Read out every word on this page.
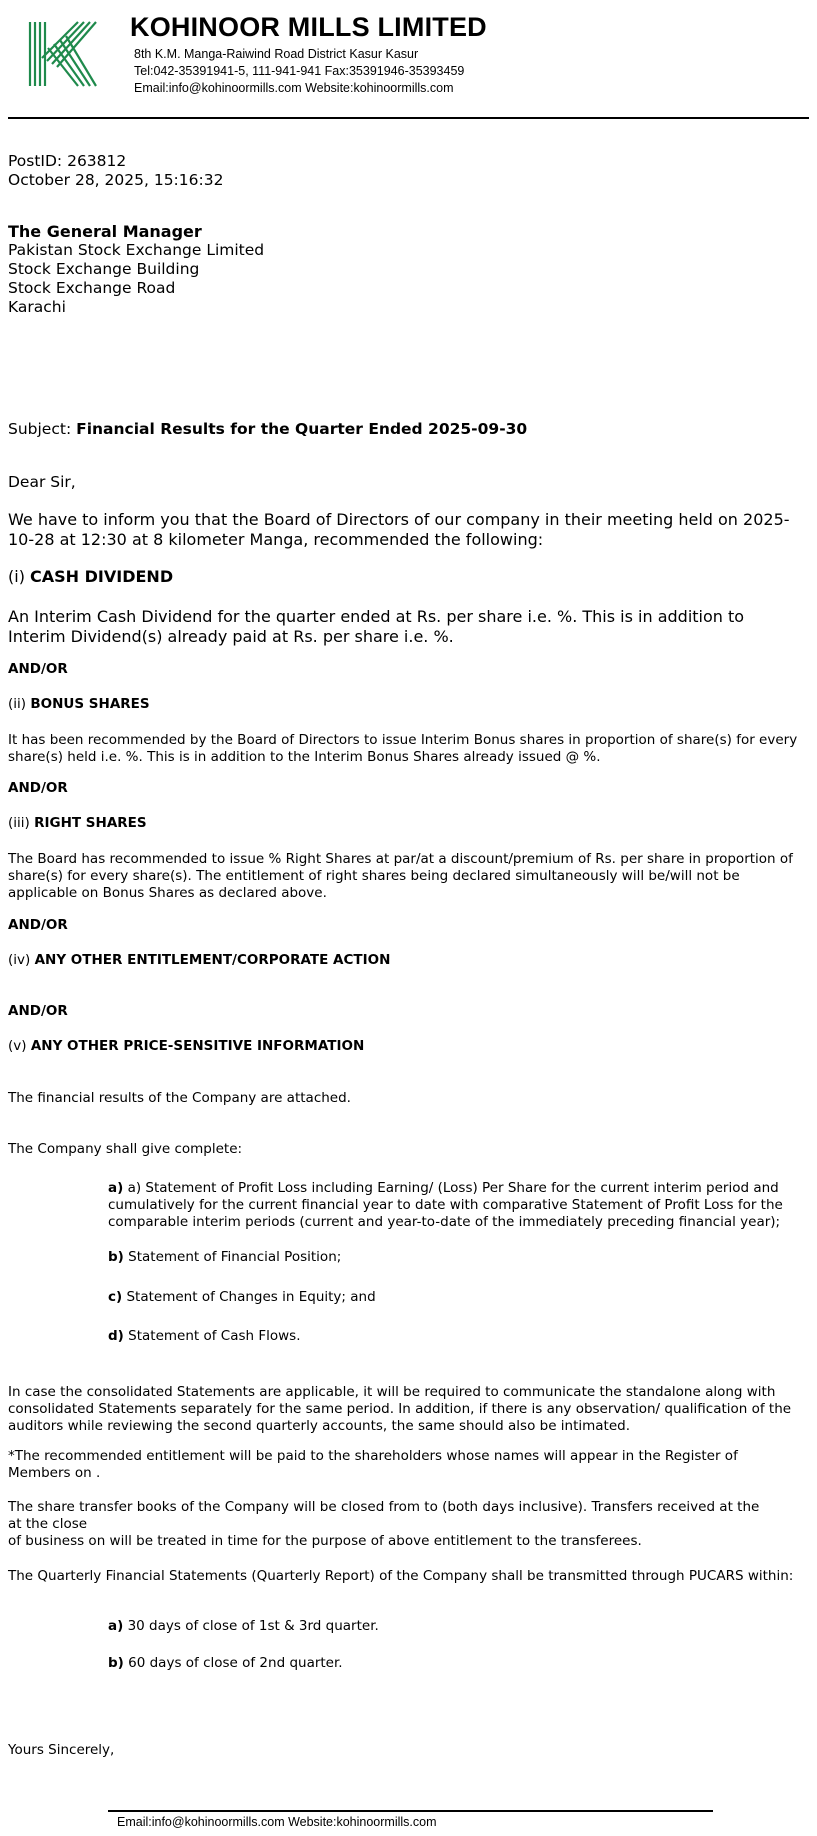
KOHINOOR MILLS LIMITED
8th K.M. Manga-Raiwind Road District Kasur Kasur
Tel:042-35391941-5, 111-941-941 Fax:35391946-35393459
Email:info@kohinoormills.com Website:kohinoormills.com
PostID: 263812
October 28, 2025, 15:16:32
The General Manager
Pakistan Stock Exchange Limited
Stock Exchange Building
Stock Exchange Road
Karachi
Subject: Financial Results for the Quarter Ended 2025-09-30
Dear Sir,
We have to inform you that the Board of Directors of our company in their meeting held on 2025-10-28 at 12:30 at 8 kilometer Manga, recommended the following:
(i) CASH DIVIDEND
An Interim Cash Dividend for the quarter ended at Rs. per share i.e. %. This is in addition to Interim Dividend(s) already paid at Rs. per share i.e. %.
AND/OR
(ii) BONUS SHARES
It has been recommended by the Board of Directors to issue Interim Bonus shares in proportion of share(s) for every share(s) held i.e. %. This is in addition to the Interim Bonus Shares already issued @ %.
AND/OR
(iii) RIGHT SHARES
The Board has recommended to issue % Right Shares at par/at a discount/premium of Rs. per share in proportion of share(s) for every share(s). The entitlement of right shares being declared simultaneously will be/will not be applicable on Bonus Shares as declared above.
AND/OR
(iv) ANY OTHER ENTITLEMENT/CORPORATE ACTION
AND/OR
(v) ANY OTHER PRICE-SENSITIVE INFORMATION
The financial results of the Company are attached.
The Company shall give complete:
a) a) Statement of Profit Loss including Earning/ (Loss) Per Share for the current interim period and cumulatively for the current financial year to date with comparative Statement of Profit Loss for the comparable interim periods (current and year-to-date of the immediately preceding financial year);
b) Statement of Financial Position;
c) Statement of Changes in Equity; and
d) Statement of Cash Flows.
In case the consolidated Statements are applicable, it will be required to communicate the standalone along with consolidated Statements separately for the same period. In addition, if there is any observation/ qualification of the auditors while reviewing the second quarterly accounts, the same should also be intimated.
*The recommended entitlement will be paid to the shareholders whose names will appear in the Register of Members on .
The share transfer books of the Company will be closed from to (both days inclusive). Transfers received at the
at the close
of business on will be treated in time for the purpose of above entitlement to the transferees.
The Quarterly Financial Statements (Quarterly Report) of the Company shall be transmitted through PUCARS within:
a) 30 days of close of 1st & 3rd quarter.
b) 60 days of close of 2nd quarter.
Yours Sincerely,
Email:info@kohinoormills.com Website:kohinoormills.com
